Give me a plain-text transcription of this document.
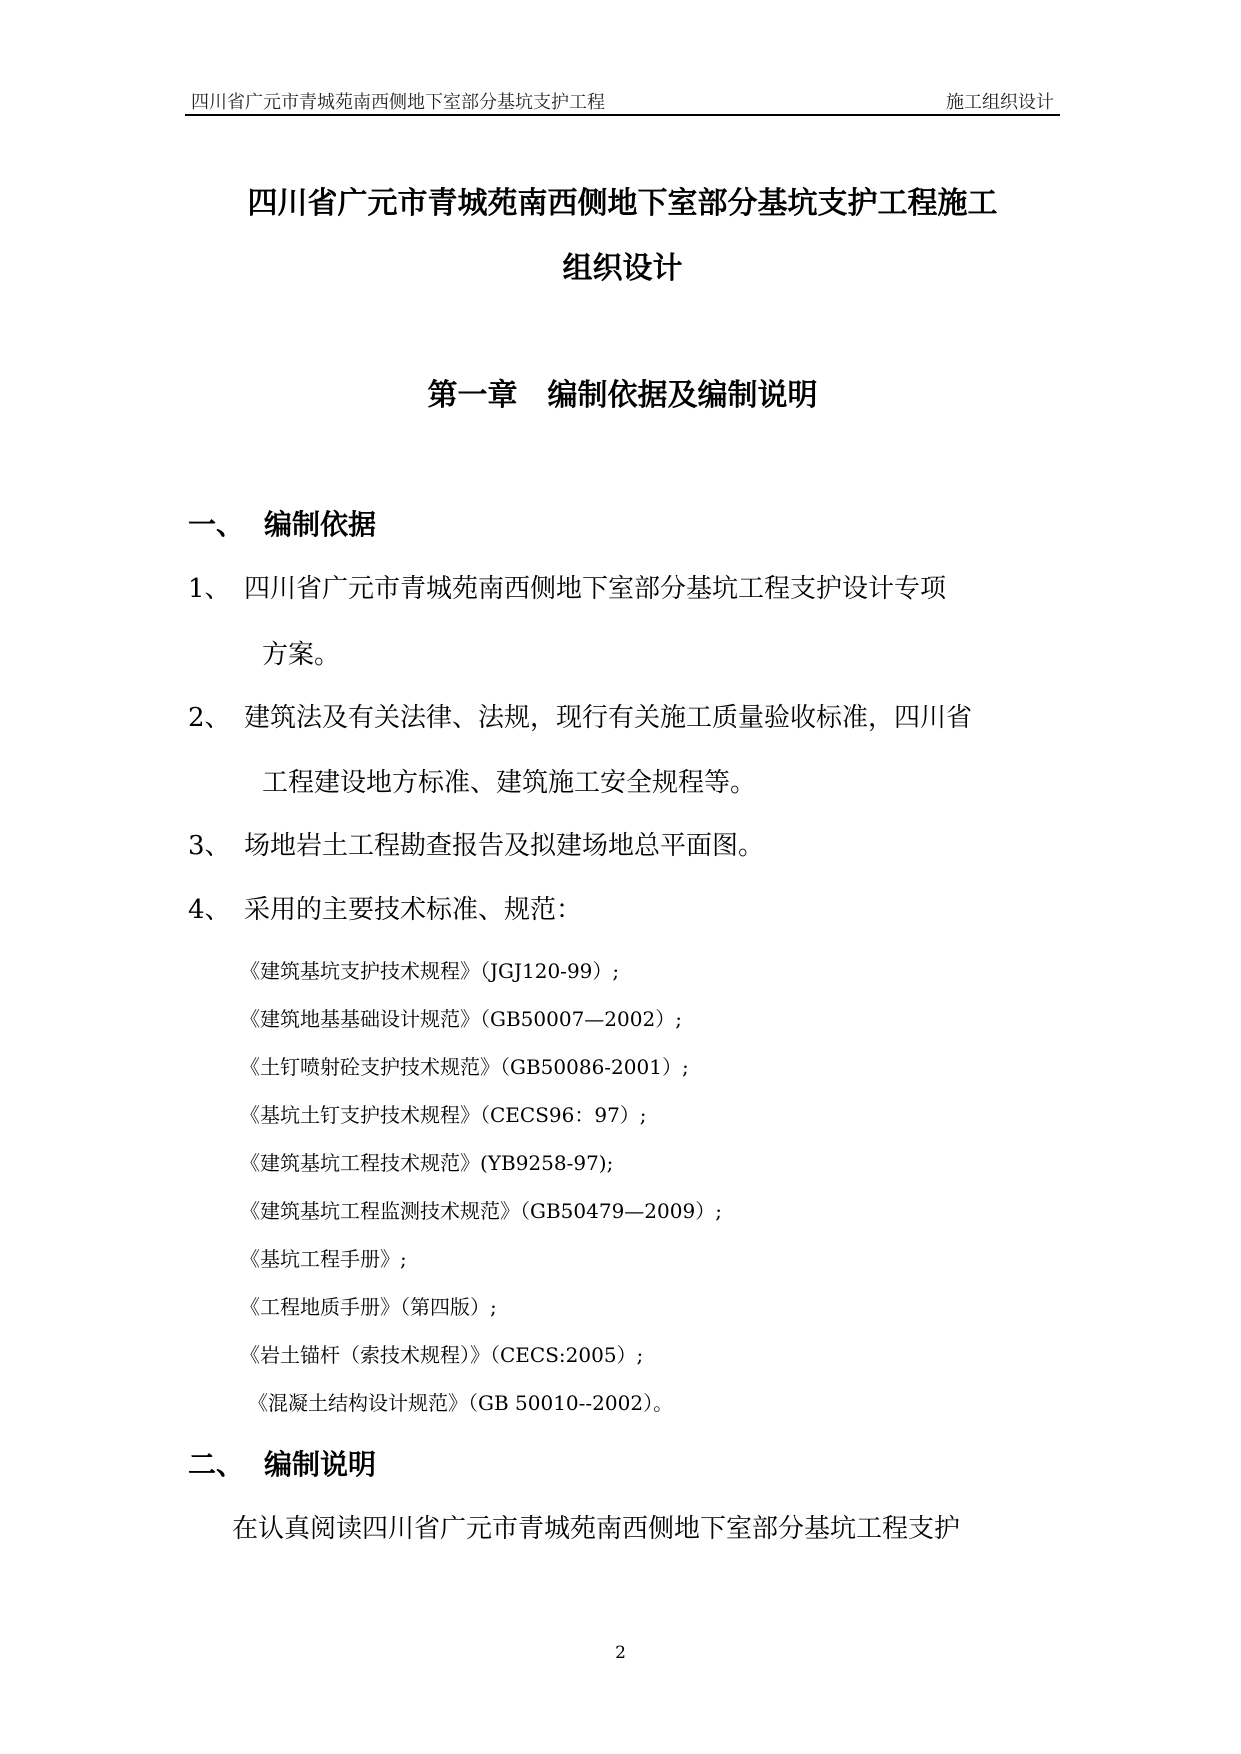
四川省广元市青城苑南西侧地下室部分基坑支护工程	施工组织设计
四川省广元市青城苑南西侧地下室部分基坑支护工程施工
组织设计
第一章　编制依据及编制说明
一、 编制依据
1、 四川省广元市青城苑南西侧地下室部分基坑工程支护设计专项
方案。
2、 建筑法及有关法律、法规，现行有关施工质量验收标准，四川省
工程建设地方标准、建筑施工安全规程等。
3、 场地岩土工程勘查报告及拟建场地总平面图。
4、 采用的主要技术标准、规范：
《建筑基坑支护技术规程》（JGJ120-99）;
《建筑地基基础设计规范》（GB50007—2002）;
《土钉喷射砼支护技术规范》（GB50086-2001）;
《基坑土钉支护技术规程》（CECS96：97）;
《建筑基坑工程技术规范》(YB9258-97);
《建筑基坑工程监测技术规范》（GB50479—2009）;
《基坑工程手册》;
《工程地质手册》（第四版）;
《岩土锚杆（索技术规程）》（CECS:2005）;
《混凝土结构设计规范》（GB 50010--2002）。
二、 编制说明
在认真阅读四川省广元市青城苑南西侧地下室部分基坑工程支护
2
